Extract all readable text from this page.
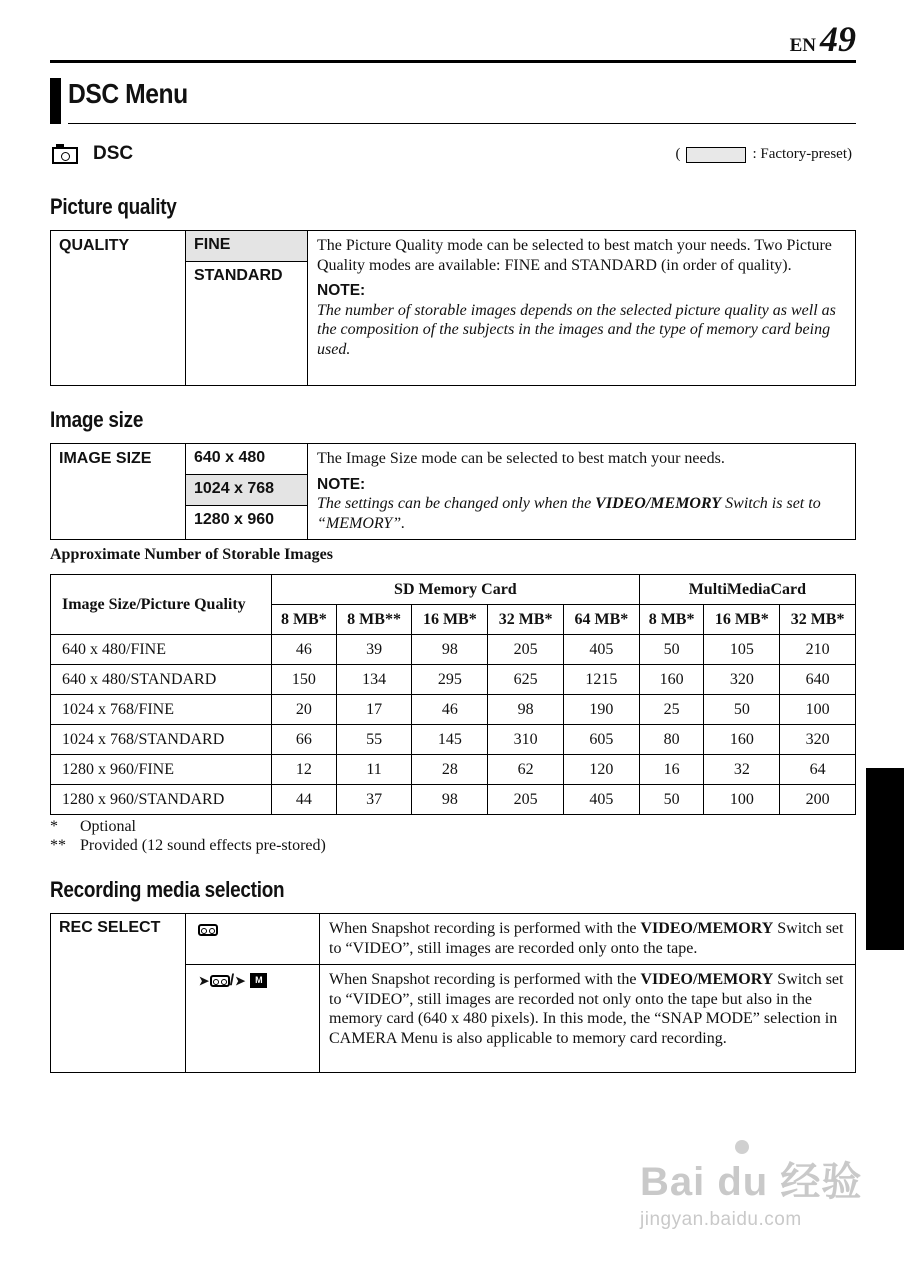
EN 49
DSC Menu
DSC	(	: Factory-preset)
Picture quality
QUALITY	FINE
STANDARD

The Picture Quality mode can be selected to best match your needs. Two Picture Quality modes are available: FINE and STANDARD (in order of quality).
NOTE:
The number of storable images depends on the selected picture quality as well as the composition of the subjects in the images and the type of memory card being used.
Image size
IMAGE SIZE	640 x 480
1024 x 768
1280 x 960

The Image Size mode can be selected to best match your needs.
NOTE:
The settings can be changed only when the VIDEO/MEMORY Switch is set to “MEMORY”.
Approximate Number of Storable Images
Image Size/Picture Quality	SD Memory Card					MultiMediaCard		
	8 MB*	8 MB**	16 MB*	32 MB*	64 MB*	8 MB*	16 MB*	32 MB*
640 x 480/FINE	46	39	98	205	405	50	105	210
640 x 480/STANDARD	150	134	295	625	1215	160	320	640
1024 x 768/FINE	20	17	46	98	190	25	50	100
1024 x 768/STANDARD	66	55	145	310	605	80	160	320
1280 x 960/FINE	12	11	28	62	120	16	32	64
1280 x 960/STANDARD	44	37	98	205	405	50	100	200
* Optional
** Provided (12 sound effects pre-stored)
Recording media selection
REC SELECT		When Snapshot recording is performed with the VIDEO/MEMORY Switch set to “VIDEO”, still images are recorded only onto the tape.
	➤ /➤ M	When Snapshot recording is performed with the VIDEO/MEMORY Switch set to “VIDEO”, still images are recorded not only onto the tape but also in the memory card (640 x 480 pixels). In this mode, the “SNAP MODE” selection in CAMERA Menu is also applicable to memory card recording.
Bai du 经验
jingyan.baidu.com
